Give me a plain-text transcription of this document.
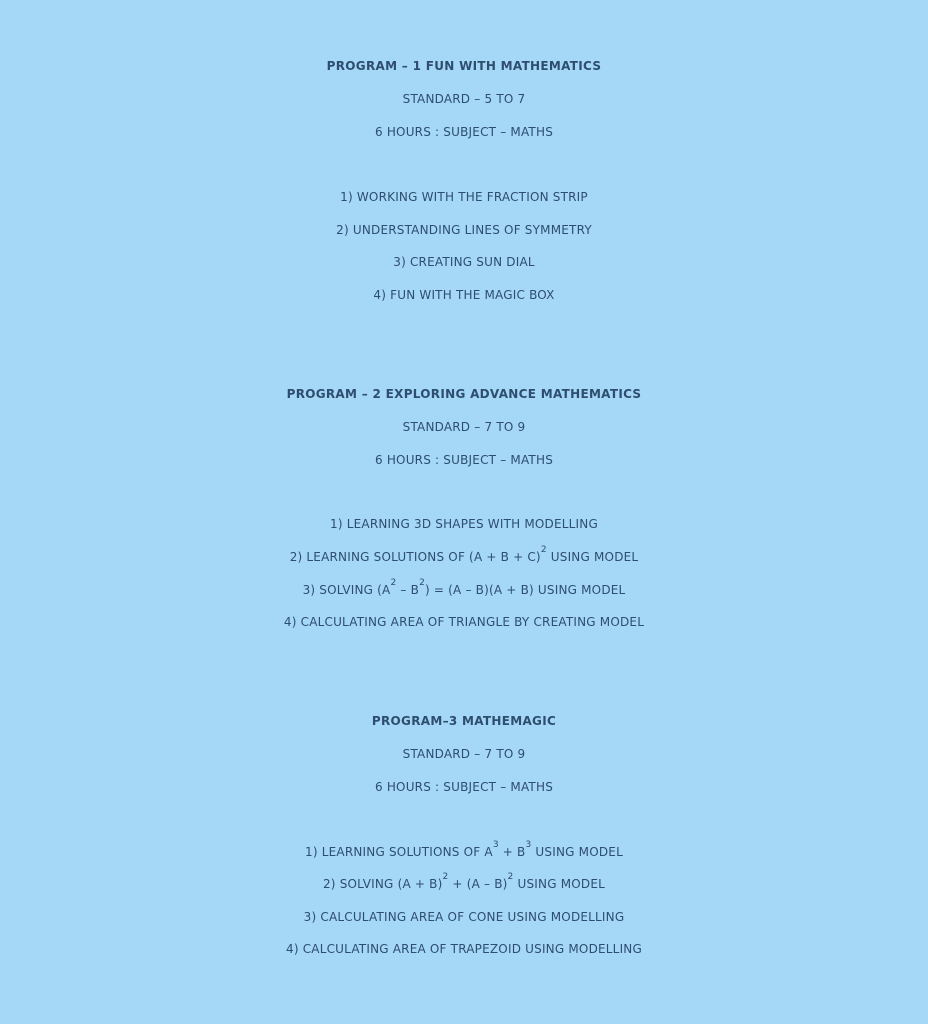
PROGRAM – 1 FUN WITH MATHEMATICS
STANDARD – 5 TO 7
6 HOURS : SUBJECT – MATHS
1) WORKING WITH THE FRACTION STRIP
2) UNDERSTANDING LINES OF SYMMETRY
3) CREATING SUN DIAL
4) FUN WITH THE MAGIC BOX
PROGRAM – 2 EXPLORING ADVANCE MATHEMATICS
STANDARD – 7 TO 9
6 HOURS : SUBJECT – MATHS
1) LEARNING 3D SHAPES WITH MODELLING
2) LEARNING SOLUTIONS OF $(A + B + C)^2$ USING MODEL
3) SOLVING $(A^2 - B^2) = (A - B)(A + B)$ USING MODEL
4) CALCULATING AREA OF TRIANGLE BY CREATING MODEL
PROGRAM–3 MATHEMAGIC
STANDARD – 7 TO 9
6 HOURS : SUBJECT – MATHS
1) LEARNING SOLUTIONS OF $A^3 + B^3$ USING MODEL
2) SOLVING $(A + B)^2 + (A - B)^2$ USING MODEL
3) CALCULATING AREA OF CONE USING MODELLING
4) CALCULATING AREA OF TRAPEZOID USING MODELLING
